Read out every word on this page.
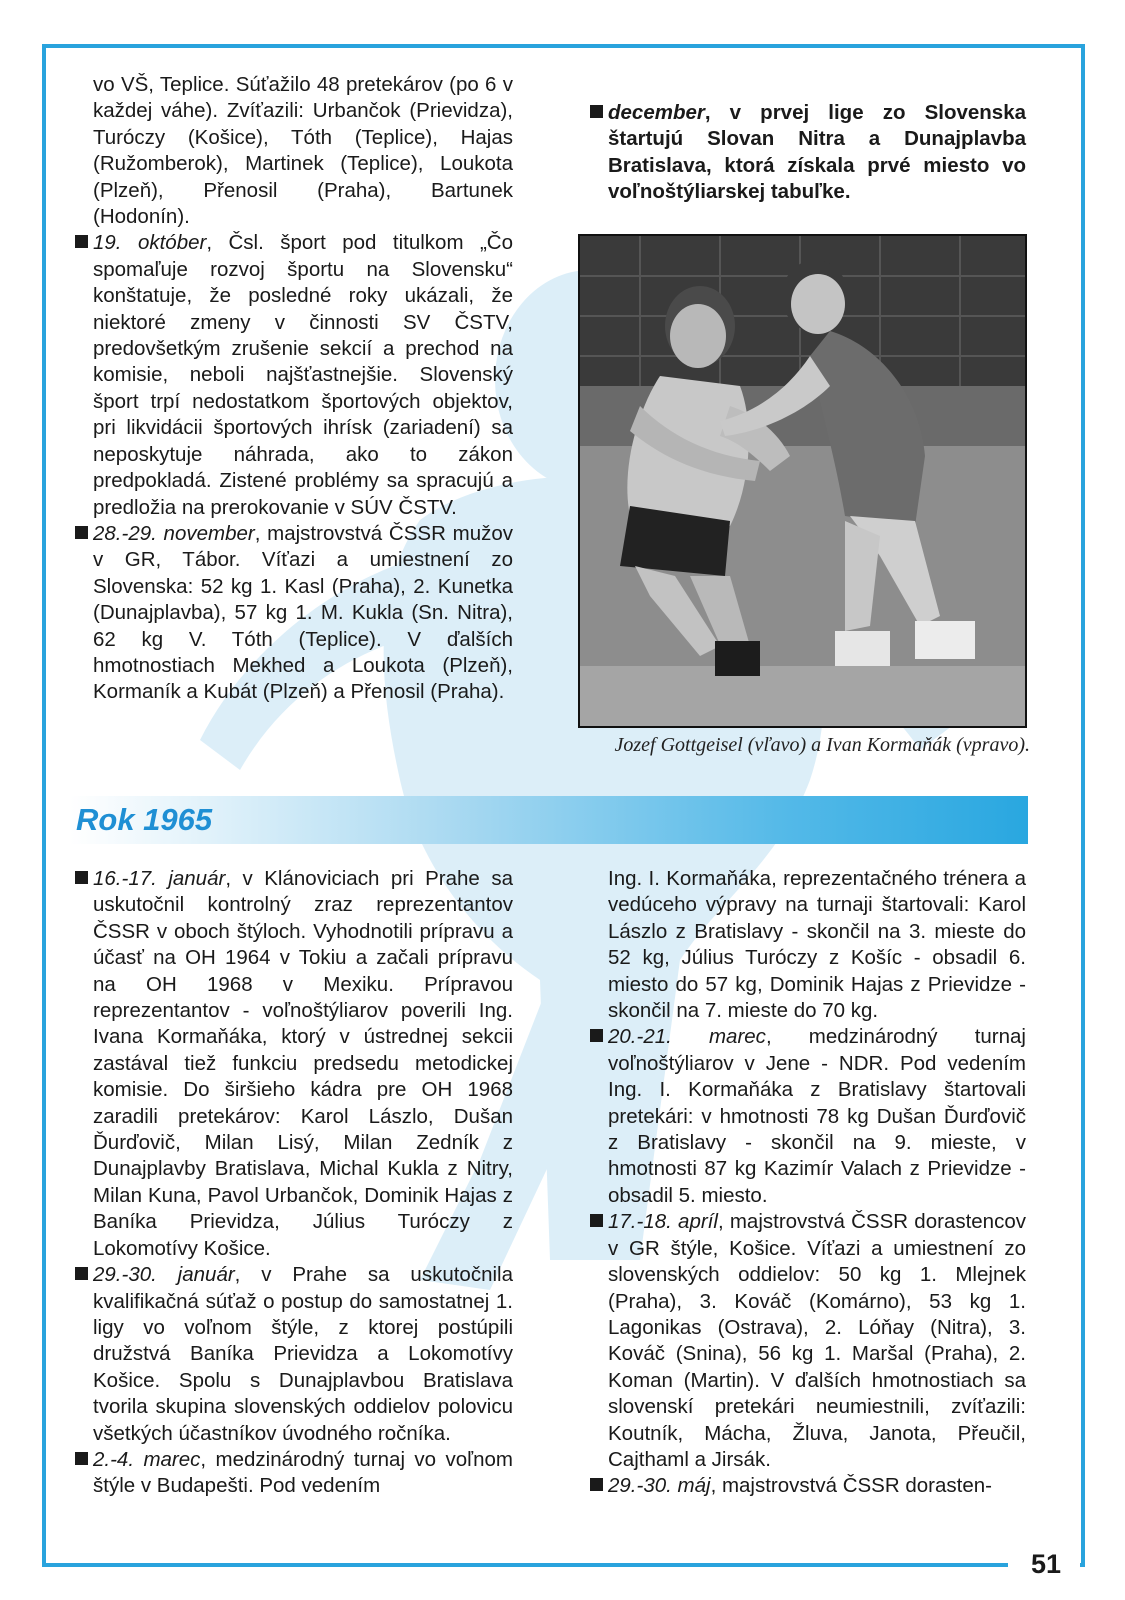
51

vo VŠ, Teplice. Súťažilo 48 pretekárov (po 6 v každej váhe). Zvíťazili: Urbančok (Prievidza), Turóczy (Košice), Tóth (Teplice), Hajas (Ružomberok), Martinek (Teplice), Loukota (Plzeň), Přenosil (Praha), Bartunek (Hodonín).

19. október, Čsl. šport pod titulkom „Čo spomaľuje rozvoj športu na Slovensku“ konštatuje, že posledné roky ukázali, že niektoré zmeny v činnosti SV ČSTV, predovšetkým zrušenie sekcií a prechod na komisie, neboli najšťastnejšie. Slovenský šport trpí nedostatkom športových objektov, pri likvidácii športových ihrísk (zariadení) sa neposkytuje náhrada, ako to zákon predpokladá. Zistené problémy sa spracujú a predložia na prerokovanie v SÚV ČSTV.

28.-29. november, majstrovstvá ČSSR mužov v GR, Tábor. Víťazi a umiestnení zo Slovenska: 52 kg 1. Kasl (Praha), 2. Kunetka (Dunajplavba), 57 kg 1. M. Kukla (Sn. Nitra), 62 kg V. Tóth (Teplice). V ďalších hmotnostiach Mekhed a Loukota (Plzeň), Kormaník a Kubát (Plzeň) a Přenosil (Praha).

december, v prvej lige zo Slovenska štartujú Slovan Nitra a Dunajplavba Bratislava, ktorá získala prvé miesto vo voľnoštýliarskej tabuľke.

Jozef Gottgeisel (vľavo) a Ivan Kormaňák (vpravo).
Rok 1965

16.-17. január, v Klánoviciach pri Prahe sa uskutočnil kontrolný zraz reprezentantov ČSSR v oboch štýloch. Vyhodnotili prípravu a účasť na OH 1964 v Tokiu a začali prípravu na OH 1968 v Mexiku. Prípravou reprezentantov - voľnoštýliarov poverili Ing. Ivana Kormaňáka, ktorý v ústrednej sekcii zastával tiež funkciu predsedu metodickej komisie. Do širšieho kádra pre OH 1968 zaradili pretekárov: Karol Lászlo, Dušan Ďurďovič, Milan Lisý, Milan Zedník z Dunajplavby Bratislava, Michal Kukla z Nitry, Milan Kuna, Pavol Urbančok, Dominik Hajas z Baníka Prievidza, Július Turóczy z Lokomotívy Košice.

29.-30. január, v Prahe sa uskutočnila kvalifikačná súťaž o postup do samostatnej 1. ligy vo voľnom štýle, z ktorej postúpili družstvá Baníka Prievidza a Lokomotívy Košice. Spolu s Dunajplavbou Bratislava tvorila skupina slovenských oddielov polovicu všetkých účastníkov úvodného ročníka.

2.-4. marec, medzinárodný turnaj vo voľnom štýle v Budapešti. Pod vedením

Ing. I. Kormaňáka, reprezentačného trénera a vedúceho výpravy na turnaji štartovali: Karol Lászlo z Bratislavy - skončil na 3. mieste do 52 kg, Július Turóczy z Košíc - obsadil 6. miesto do 57 kg, Dominik Hajas z Prievidze - skončil na 7. mieste do 70 kg.

20.-21. marec, medzinárodný turnaj voľnoštýliarov v Jene - NDR. Pod vedením Ing. I. Kormaňáka z Bratislavy štartovali pretekári: v hmotnosti 78 kg Dušan Ďurďovič z Bratislavy - skončil na 9. mieste, v hmotnosti 87 kg Kazimír Valach z Prievidze - obsadil 5. miesto.

17.-18. apríl, majstrovstvá ČSSR dorastencov v GR štýle, Košice. Víťazi a umiestnení zo slovenských oddielov: 50 kg 1. Mlejnek (Praha), 3. Kováč (Komárno), 53 kg 1. Lagonikas (Ostrava), 2. Lóňay (Nitra), 3. Kováč (Snina), 56 kg 1. Maršal (Praha), 2. Koman (Martin). V ďalších hmotnostiach sa slovenskí pretekári neumiestnili, zvíťazili: Koutník, Mácha, Žluva, Janota, Přeučil, Cajthaml a Jirsák.

29.-30. máj, majstrovstvá ČSSR dorasten-
